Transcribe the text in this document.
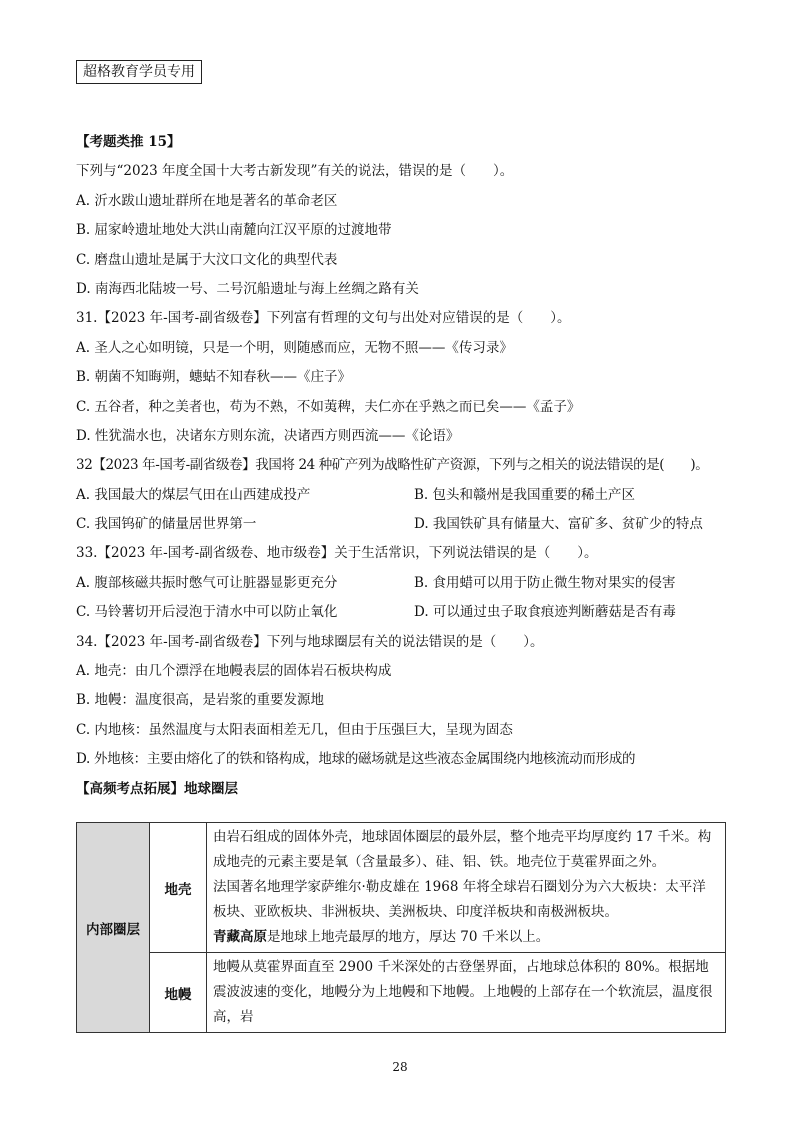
超格教育学员专用
【考题类推 15】
下列与“2023 年度全国十大考古新发现”有关的说法，错误的是（　　）。
A. 沂水跋山遗址群所在地是著名的革命老区
B. 屈家岭遗址地处大洪山南麓向江汉平原的过渡地带
C. 磨盘山遗址是属于大汶口文化的典型代表
D. 南海西北陆坡一号、二号沉船遗址与海上丝绸之路有关
31.【2023 年-国考-副省级卷】下列富有哲理的文句与出处对应错误的是（　　）。
A. 圣人之心如明镜，只是一个明，则随感而应，无物不照——《传习录》
B. 朝菌不知晦朔，蟪蛄不知春秋——《庄子》
C. 五谷者，种之美者也，苟为不熟，不如荑稗，夫仁亦在乎熟之而已矣——《孟子》
D. 性犹湍水也，决诸东方则东流，决诸西方则西流——《论语》
32【2023 年-国考-副省级卷】我国将 24 种矿产列为战略性矿产资源，下列与之相关的说法错误的是(　　)。
A. 我国最大的煤层气田在山西建成投产	B. 包头和赣州是我国重要的稀土产区
C. 我国钨矿的储量居世界第一	D. 我国铁矿具有储量大、富矿多、贫矿少的特点
33.【2023 年-国考-副省级卷、地市级卷】关于生活常识，下列说法错误的是（　　）。
A. 腹部核磁共振时憋气可让脏器显影更充分	B. 食用蜡可以用于防止微生物对果实的侵害
C. 马铃薯切开后浸泡于清水中可以防止氧化	D. 可以通过虫子取食痕迹判断蘑菇是否有毒
34.【2023 年-国考-副省级卷】下列与地球圈层有关的说法错误的是（　　）。
A. 地壳：由几个漂浮在地幔表层的固体岩石板块构成
B. 地幔：温度很高，是岩浆的重要发源地
C. 内地核：虽然温度与太阳表面相差无几，但由于压强巨大，呈现为固态
D. 外地核：主要由熔化了的铁和铬构成，地球的磁场就是这些液态金属围绕内地核流动而形成的
【高频考点拓展】地球圈层
内部圈层	地壳	由岩石组成的固体外壳，地球固体圈层的最外层，整个地壳平均厚度约 17 千米。构成地壳的元素主要是氧（含量最多）、硅、铝、铁。地壳位于莫霍界面之外。
法国著名地理学家萨维尔·勒皮雄在 1968 年将全球岩石圈划分为六大板块：太平洋板块、亚欧板块、非洲板块、美洲板块、印度洋板块和南极洲板块。
青藏高原是地球上地壳最厚的地方，厚达 70 千米以上。

	地幔	地幔从莫霍界面直至 2900 千米深处的古登堡界面，占地球总体积的 80%。根据地震波波速的变化，地幔分为上地幔和下地幔。上地幔的上部存在一个软流层，温度很高，岩
28
